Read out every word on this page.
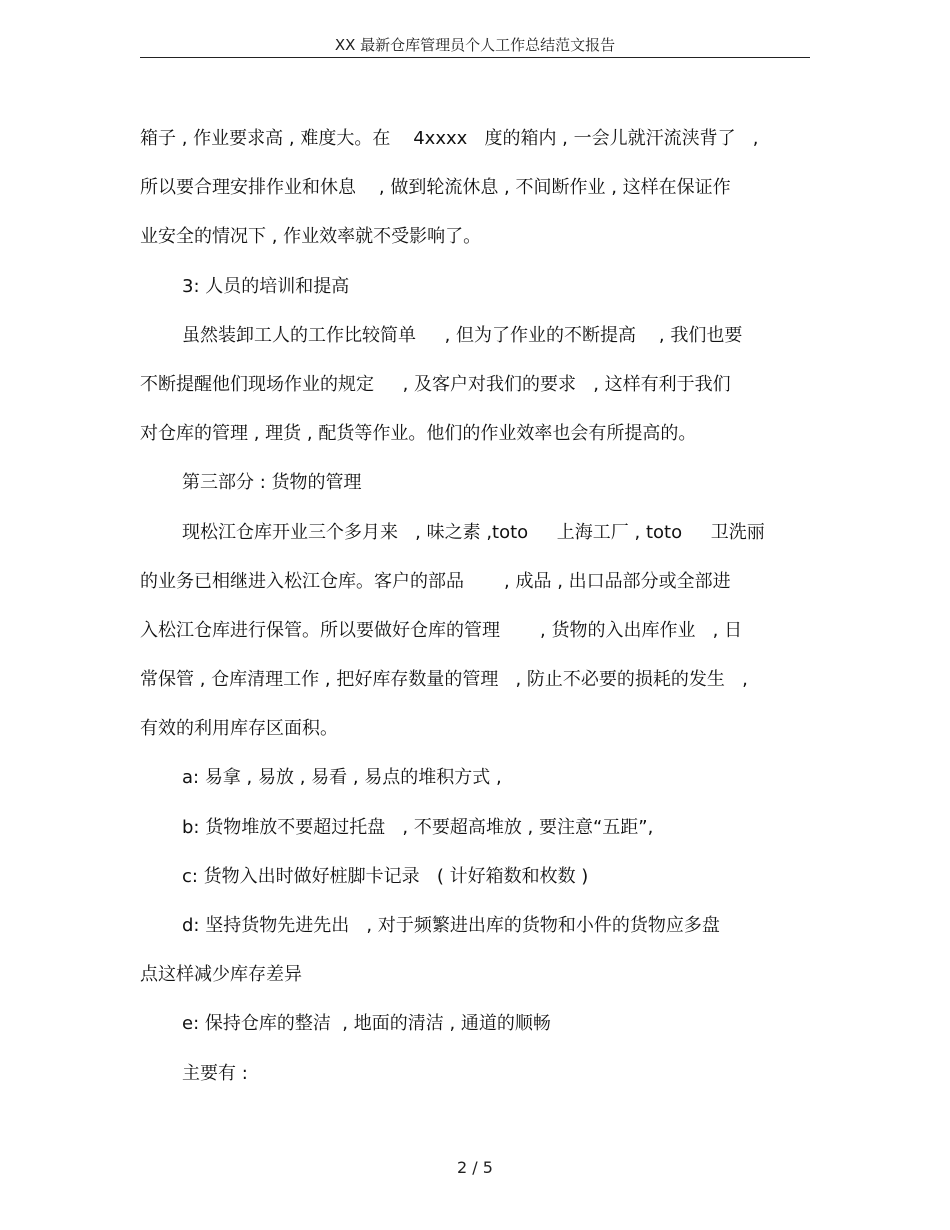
XX 最新仓库管理员个人工作总结范文报告
箱子 , 作业要求高 , 难度大。在    4xxxx   度的箱内 , 一会儿就汗流浃背了   ,
所以要合理安排作业和休息    , 做到轮流休息 , 不间断作业 , 这样在保证作
业安全的情况下 , 作业效率就不受影响了。
3: 人员的培训和提高
虽然装卸工人的工作比较简单     , 但为了作业的不断提高    , 我们也要
不断提醒他们现场作业的规定     , 及客户对我们的要求   , 这样有利于我们
对仓库的管理 , 理货 , 配货等作业。他们的作业效率也会有所提高的。
第三部分 : 货物的管理
现松江仓库开业三个多月来   , 味之素 ,toto     上海工厂 , toto     卫洗丽
的业务已相继进入松江仓库。客户的部品       , 成品 , 出口品部分或全部进
入松江仓库进行保管。所以要做好仓库的管理       , 货物的入出库作业   , 日
常保管 , 仓库清理工作 , 把好库存数量的管理   , 防止不必要的损耗的发生   ,
有效的利用库存区面积。
a: 易拿 , 易放 , 易看 , 易点的堆积方式 ,
b: 货物堆放不要超过托盘   , 不要超高堆放 , 要注意“五距”,
c: 货物入出时做好桩脚卡记录   ( 计好箱数和枚数 )
d: 坚持货物先进先出   , 对于频繁进出库的货物和小件的货物应多盘
点这样减少库存差异
e: 保持仓库的整洁  , 地面的清洁 , 通道的顺畅
主要有 :
2 / 5
